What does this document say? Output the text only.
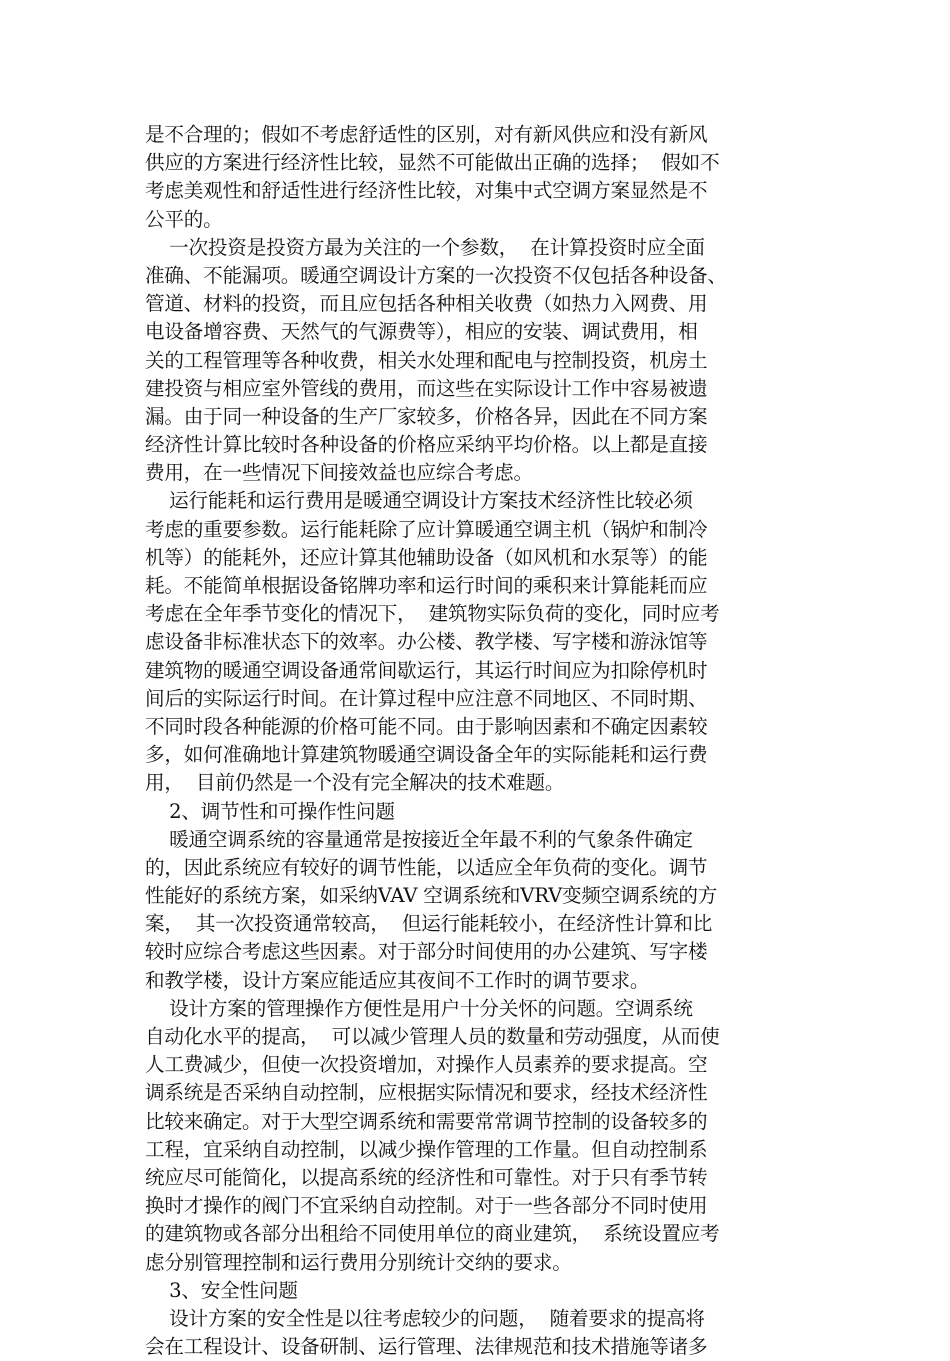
是不合理的；假如不考虑舒适性的区别，对有新风供应和没有新风
供应的方案进行经济性比较，显然不可能做出正确的选择；  假如不
考虑美观性和舒适性进行经济性比较，对集中式空调方案显然是不
公平的。
一次投资是投资方最为关注的一个参数，  在计算投资时应全面
准确、不能漏项。暖通空调设计方案的一次投资不仅包括各种设备、
管道、材料的投资，而且应包括各种相关收费（如热力入网费、用
电设备增容费、天然气的气源费等），相应的安装、调试费用，相
关的工程管理等各种收费，相关水处理和配电与控制投资，机房土
建投资与相应室外管线的费用，而这些在实际设计工作中容易被遗
漏。由于同一种设备的生产厂家较多，价格各异，因此在不同方案
经济性计算比较时各种设备的价格应采纳平均价格。以上都是直接
费用，在一些情况下间接效益也应综合考虑。
运行能耗和运行费用是暖通空调设计方案技术经济性比较必须
考虑的重要参数。运行能耗除了应计算暖通空调主机（锅炉和制冷
机等）的能耗外，还应计算其他辅助设备（如风机和水泵等）的能
耗。不能简单根据设备铭牌功率和运行时间的乘积来计算能耗而应
考虑在全年季节变化的情况下，  建筑物实际负荷的变化，同时应考
虑设备非标准状态下的效率。办公楼、教学楼、写字楼和游泳馆等
建筑物的暖通空调设备通常间歇运行，其运行时间应为扣除停机时
间后的实际运行时间。在计算过程中应注意不同地区、不同时期、
不同时段各种能源的价格可能不同。由于影响因素和不确定因素较
多，如何准确地计算建筑物暖通空调设备全年的实际能耗和运行费
用，  目前仍然是一个没有完全解决的技术难题。
2、调节性和可操作性问题
暖通空调系统的容量通常是按接近全年最不利的气象条件确定
的，因此系统应有较好的调节性能，以适应全年负荷的变化。调节
性能好的系统方案，如采纳VAV 空调系统和VRV变频空调系统的方
案，  其一次投资通常较高，  但运行能耗较小，在经济性计算和比
较时应综合考虑这些因素。对于部分时间使用的办公建筑、写字楼
和教学楼，设计方案应能适应其夜间不工作时的调节要求。
设计方案的管理操作方便性是用户十分关怀的问题。空调系统
自动化水平的提高，  可以减少管理人员的数量和劳动强度，从而使
人工费减少，但使一次投资增加，对操作人员素养的要求提高。空
调系统是否采纳自动控制，应根据实际情况和要求，经技术经济性
比较来确定。对于大型空调系统和需要常常调节控制的设备较多的
工程，宜采纳自动控制，以减少操作管理的工作量。但自动控制系
统应尽可能简化，以提高系统的经济性和可靠性。对于只有季节转
换时才操作的阀门不宜采纳自动控制。对于一些各部分不同时使用
的建筑物或各部分出租给不同使用单位的商业建筑，  系统设置应考
虑分别管理控制和运行费用分别统计交纳的要求。
3、安全性问题
设计方案的安全性是以往考虑较少的问题，  随着要求的提高将
会在工程设计、设备研制、运行管理、法律规范和技术措施等诸多
